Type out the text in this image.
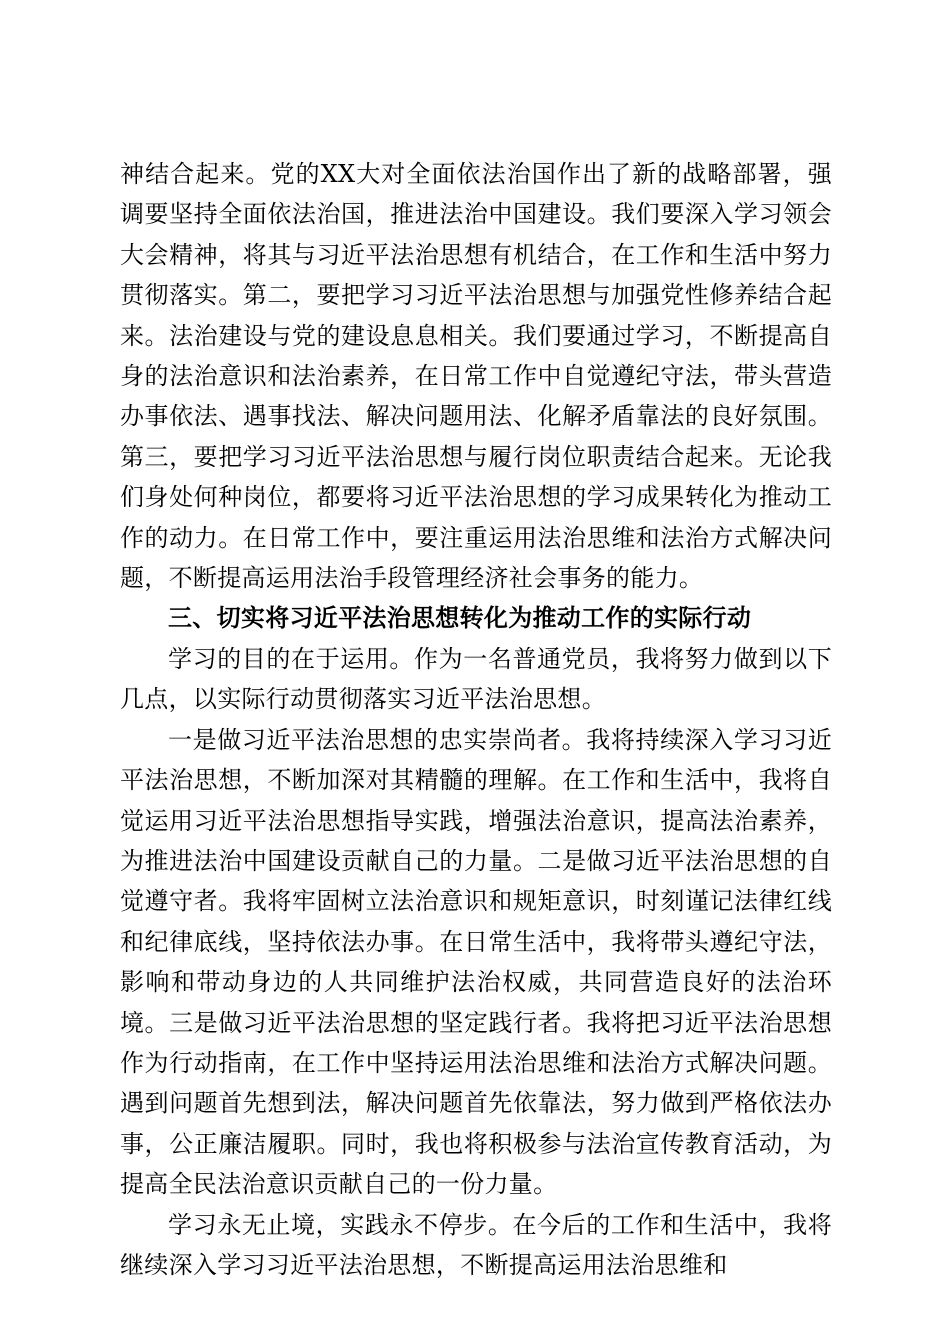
神结合起来。党的XX大对全面依法治国作出了新的战略部署，强调要坚持全面依法治国，推进法治中国建设。我们要深入学习领会大会精神，将其与习近平法治思想有机结合，在工作和生活中努力贯彻落实。第二，要把学习习近平法治思想与加强党性修养结合起来。法治建设与党的建设息息相关。我们要通过学习，不断提高自身的法治意识和法治素养，在日常工作中自觉遵纪守法，带头营造办事依法、遇事找法、解决问题用法、化解矛盾靠法的良好氛围。第三，要把学习习近平法治思想与履行岗位职责结合起来。无论我们身处何种岗位，都要将习近平法治思想的学习成果转化为推动工作的动力。在日常工作中，要注重运用法治思维和法治方式解决问题，不断提高运用法治手段管理经济社会事务的能力。

三、切实将习近平法治思想转化为推动工作的实际行动

学习的目的在于运用。作为一名普通党员，我将努力做到以下几点，以实际行动贯彻落实习近平法治思想。

一是做习近平法治思想的忠实崇尚者。我将持续深入学习习近平法治思想，不断加深对其精髓的理解。在工作和生活中，我将自觉运用习近平法治思想指导实践，增强法治意识，提高法治素养，为推进法治中国建设贡献自己的力量。二是做习近平法治思想的自觉遵守者。我将牢固树立法治意识和规矩意识，时刻谨记法律红线和纪律底线，坚持依法办事。在日常生活中，我将带头遵纪守法，影响和带动身边的人共同维护法治权威，共同营造良好的法治环境。三是做习近平法治思想的坚定践行者。我将把习近平法治思想作为行动指南，在工作中坚持运用法治思维和法治方式解决问题。遇到问题首先想到法，解决问题首先依靠法，努力做到严格依法办事，公正廉洁履职。同时，我也将积极参与法治宣传教育活动，为提高全民法治意识贡献自己的一份力量。

学习永无止境，实践永不停步。在今后的工作和生活中，我将继续深入学习习近平法治思想，不断提高运用法治思维和
